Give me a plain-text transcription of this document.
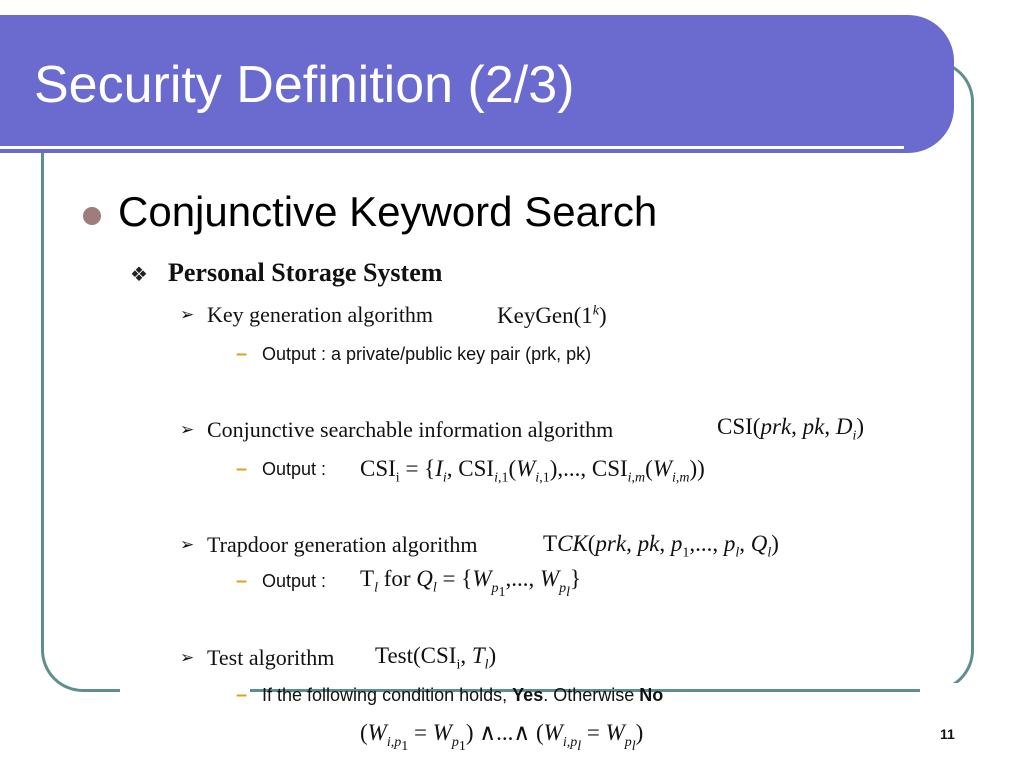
Security Definition (2/3)
Conjunctive Keyword Search
❖ Personal Storage System
➢ Key generation algorithm	KeyGen(1$^k$)
– Output : a private/public key pair (prk, pk)
➢ Conjunctive searchable information algorithm	CSI(prk, pk, $D_i$)
– Output : $CSI_i = \{I_i$, $CSI_{i,1}(W_{i,1})$,..., $CSI_{i,m}(W_{i,m})$)
➢ Trapdoor generation algorithm	TCK(prk, pk, $p_1$,..., $p_l$, $Q_l$)
– Output : $T_l$ for $Q_l = \{W_{p_1}$,..., $W_{p_l}$}
➢ Test algorithm $Test(CSI_i$, $T_l$)
– If the following condition holds, Yes. Otherwise No
$(W_{i,p_1} = W_{p_1})$ ∧...∧ $(W_{i,p_l} = W_{p_l})$	11
